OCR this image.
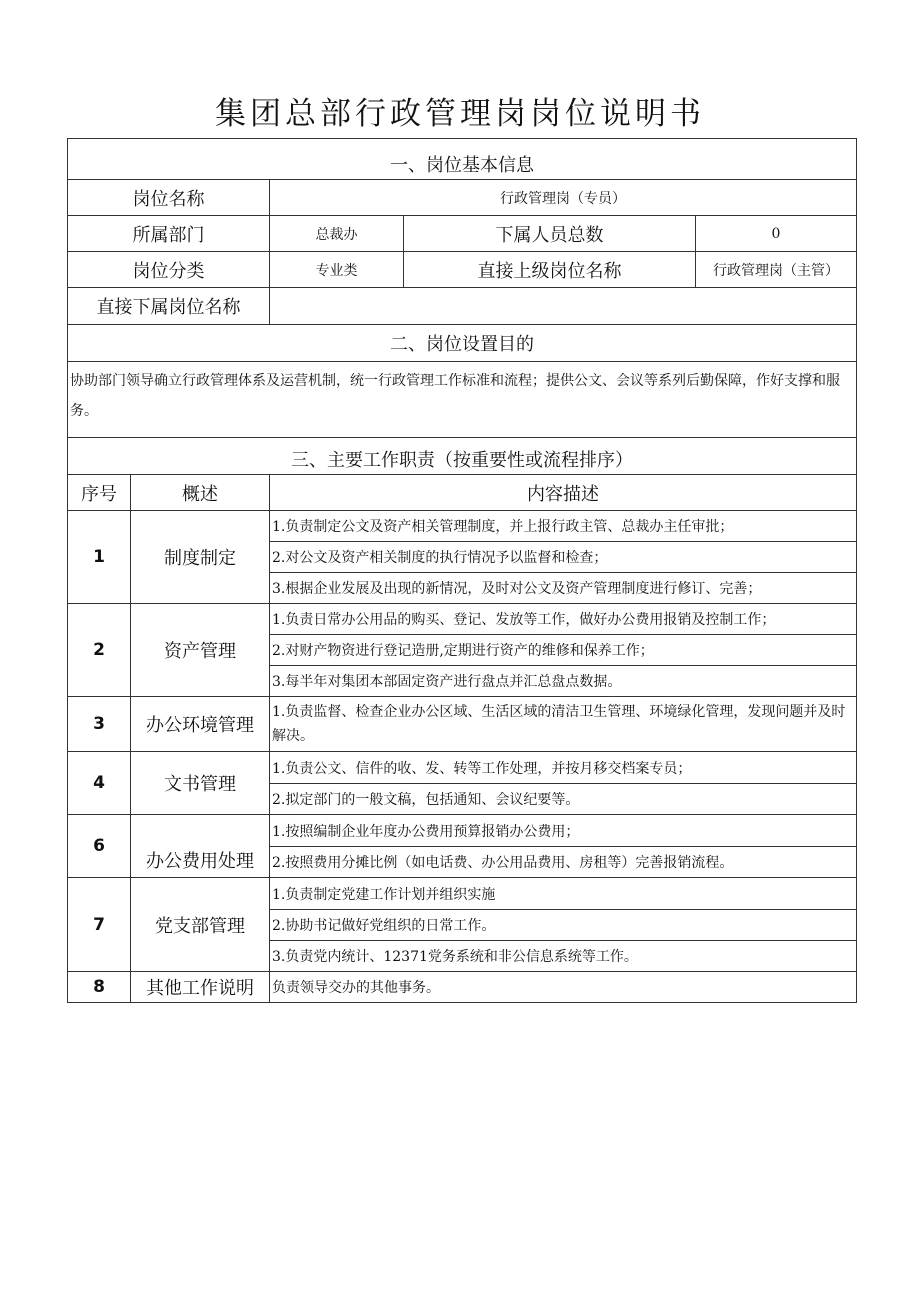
集团总部行政管理岗岗位说明书
一、岗位基本信息				
岗位名称		行政管理岗（专员）		
所属部门		总裁办	下属人员总数	0
岗位分类		专业类	直接上级岗位名称	行政管理岗（主管）
直接下属岗位名称				
二、岗位设置目的				
协助部门领导确立行政管理体系及运营机制，统一行政管理工作标准和流程；提供公文、会议等系列后勤保障，作好支撑和服务。				
三、主要工作职责（按重要性或流程排序）				
序号	概述	内容描述		
1	制度制定	1.负责制定公文及资产相关管理制度，并上报行政主管、总裁办主任审批；		
		2.对公文及资产相关制度的执行情况予以监督和检查；		
		3.根据企业发展及出现的新情况，及时对公文及资产管理制度进行修订、完善；		
2	资产管理	1.负责日常办公用品的购买、登记、发放等工作，做好办公费用报销及控制工作；		
		2.对财产物资进行登记造册,定期进行资产的维修和保养工作；		
		3.每半年对集团本部固定资产进行盘点并汇总盘点数据。		
3	办公环境管理	1.负责监督、检查企业办公区域、生活区域的清洁卫生管理、环境绿化管理，发现问题并及时解决。		
4	文书管理	1.负责公文、信件的收、发、转等工作处理，并按月移交档案专员；		
		2.拟定部门的一般文稿，包括通知、会议纪要等。		
6	办公费用处理	1.按照编制企业年度办公费用预算报销办公费用；		
		2.按照费用分摊比例（如电话费、办公用品费用、房租等）完善报销流程。		
7	党支部管理	1.负责制定党建工作计划并组织实施		
		2.协助书记做好党组织的日常工作。		
		3.负责党内统计、12371党务系统和非公信息系统等工作。		
8	其他工作说明	负责领导交办的其他事务。		
